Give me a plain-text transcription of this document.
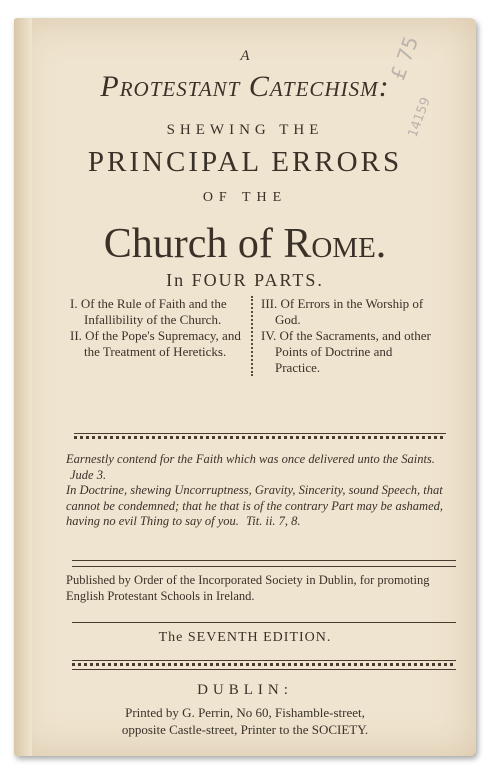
£ 75
14159
A
Protestant Catechism:
SHEWING THE
PRINCIPAL ERRORS
OF THE
Church of Rome.
In FOUR PARTS.
I. Of the Rule of Faith and the Infallibility of the Church.
II. Of the Pope's Supremacy, and the Treatment of Hereticks.
III. Of Errors in the Worship of God.
IV. Of the Sacraments, and other Points of Doctrine and Practice.

Earnestly contend for the Faith which was once delivered unto the Saints. Jude 3.

In Doctrine, shewing Uncorruptness, Gravity, Sincerity, sound Speech, that cannot be condemned; that he that is of the contrary Part may be ashamed, having no evil Thing to say of you. Tit. ii. 7, 8.

Published by Order of the Incorporated Society in Dublin, for promoting English Protestant Schools in Ireland.
The SEVENTH EDITION.
DUBLIN:
Printed by G. Perrin, No 60, Fishamble-street,
opposite Castle-street, Printer to the SOCIETY.
